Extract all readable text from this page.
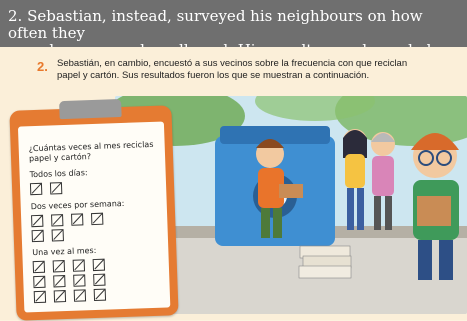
2. Sebastian, instead, surveyed his neighbours on how often they
2. Sebastián, en cambio, encuestó a sus vecinos sobre la frecuencia con que reciclan
papel y cartón. Sus resultados fueron los que se muestran a continuación.
¿Cuántas veces al mes reciclas
papel y cartón?
Todos los días:
Dos veces por semana:
Una vez al mes:
